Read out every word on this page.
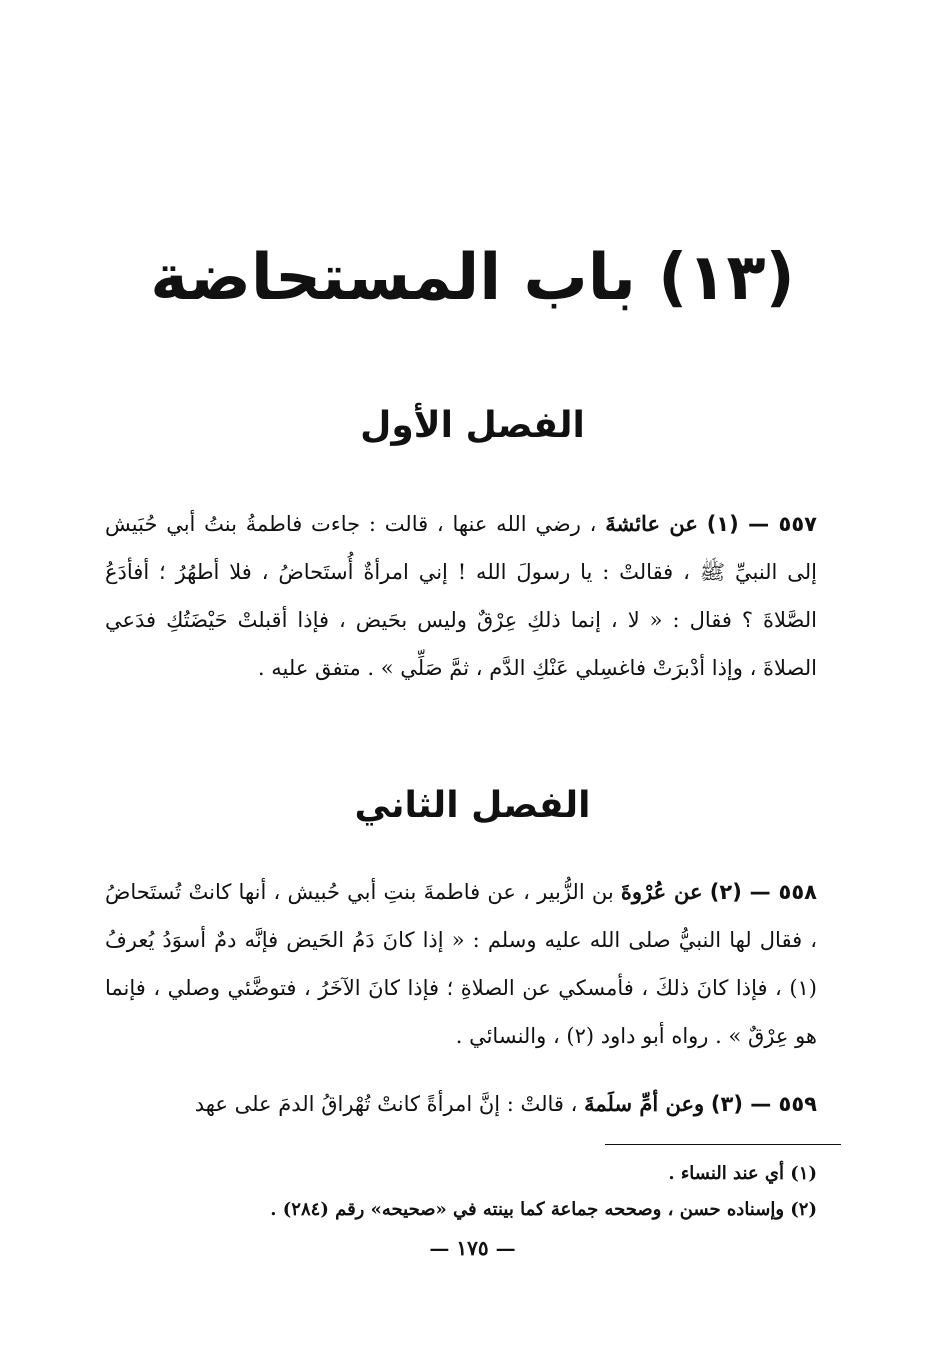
(١٣) باب المستحاضة
الفصل الأول

٥٥٧ — (١) عن عائشةَ ، رضي الله عنها ، قالت : جاءت فاطمةُ بنتُ أبي حُبَيش إلى النبيِّ ﷺ ، فقالتْ : يا رسولَ الله ! إني امرأةٌ أُستَحاضُ ، فلا أطهُرُ ؛ أفأدَعُ الصَّلاةَ ؟ فقال : « لا ، إنما ذلكِ عِرْقٌ وليس بحَيض ، فإذا أقبلتْ حَيْضَتُكِ فدَعي الصلاةَ ، وإذا أدْبرَتْ فاغسِلي عَنْكِ الدَّم ، ثمَّ صَلِّي » . متفق عليه .

الفصل الثاني

٥٥٨ — (٢) عن عُرْوةَ بن الزُّبير ، عن فاطمةَ بنتِ أبي حُبيش ، أنها كانتْ تُستَحاضُ ، فقال لها النبيُّ صلى الله عليه وسلم : « إذا كانَ دَمُ الحَيض فإنَّه دمٌ أسوَدُ يُعرفُ (١) ، فإذا كانَ ذلكَ ، فأمسكي عن الصلاةِ ؛ فإذا كانَ الآخَرُ ، فتوضَّئي وصلي ، فإنما هو عِرْقٌ » . رواه أبو داود (٢) ، والنسائي .

٥٥٩ — (٣) وعن أمِّ سلَمةَ ، قالتْ : إنَّ امرأةً كانتْ تُهْراقُ الدمَ على عهد

(١) أي عند النساء .

(٢) وإسناده حسن ، وصححه جماعة كما بينته في «صحيحه» رقم (٢٨٤) .

— ١٧٥ —
